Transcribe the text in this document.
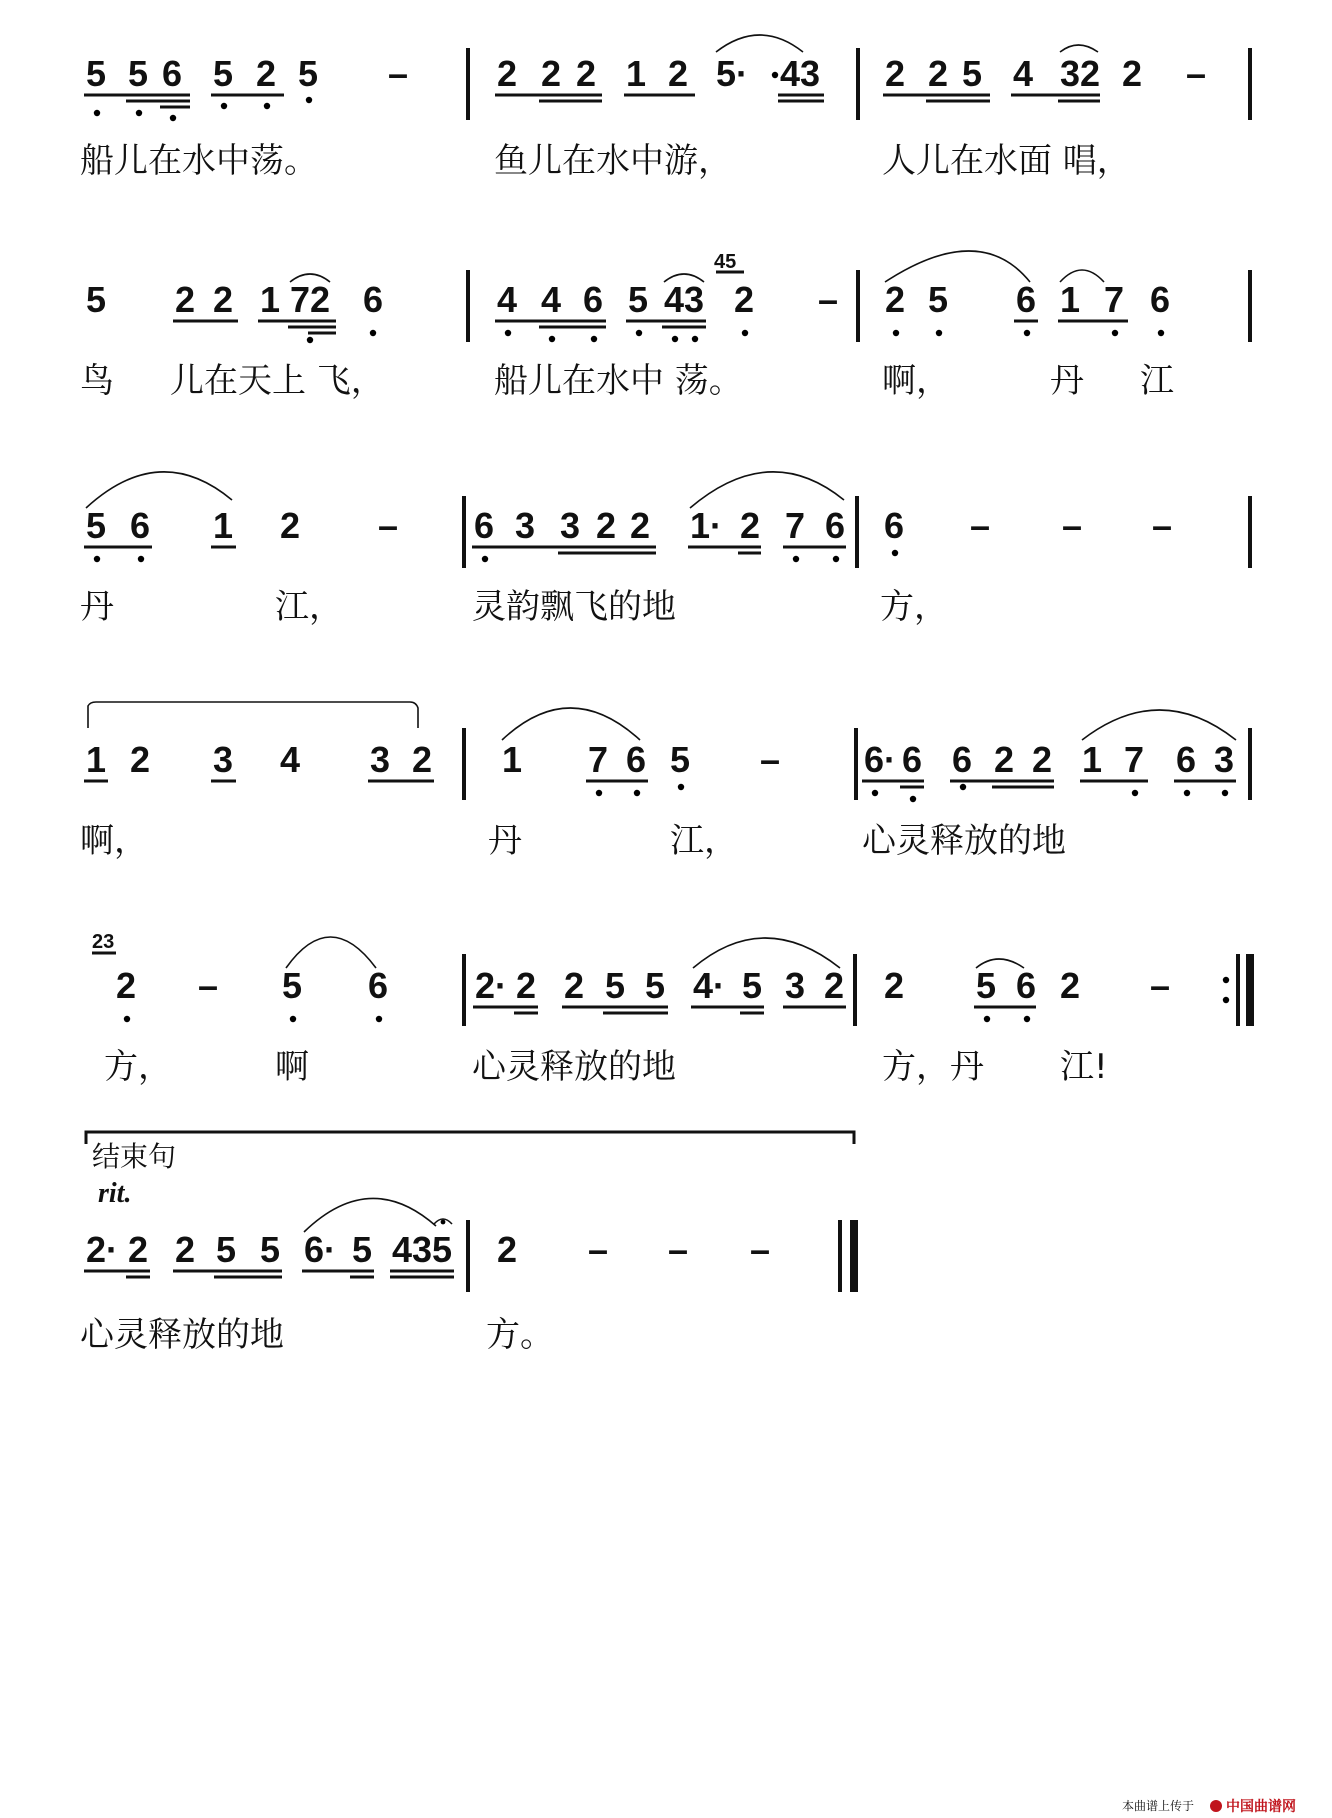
5 5 6 5 2 5 – 2 2 2 1 2 5· 4 3 2 2 5 4 3 2 2 –
船儿在水中荡。	鱼儿在水中游，	人儿在水面 唱，
5 2 2 1 7 2 6	4 4 6 5 4 3 2 – 2 5 6 1 7 6
45
鸟 儿在天上 飞，	船儿在水中 荡。	啊，	丹 江
5 6 1 2 – 6 3 3 2 2 1· 2 7 6 6 – – –
丹	江，	灵韵飘飞的地	方，
1 2 3 4 3 2 1 7 6 5 – 6· 6 6 2 2 1 7 6 3
啊，	丹	江，	心灵释放的地
2 – 5 6 2· 2 2 5 5 4· 5 3 2 2 5 6 2 –
23
方，	啊	心灵释放的地	方，丹 江!
结束句
rit.
2· 2 2 5 5 6· 5 4 3 5 2 – – –
心灵释放的地	方。
本曲谱上传于 中国曲谱网
